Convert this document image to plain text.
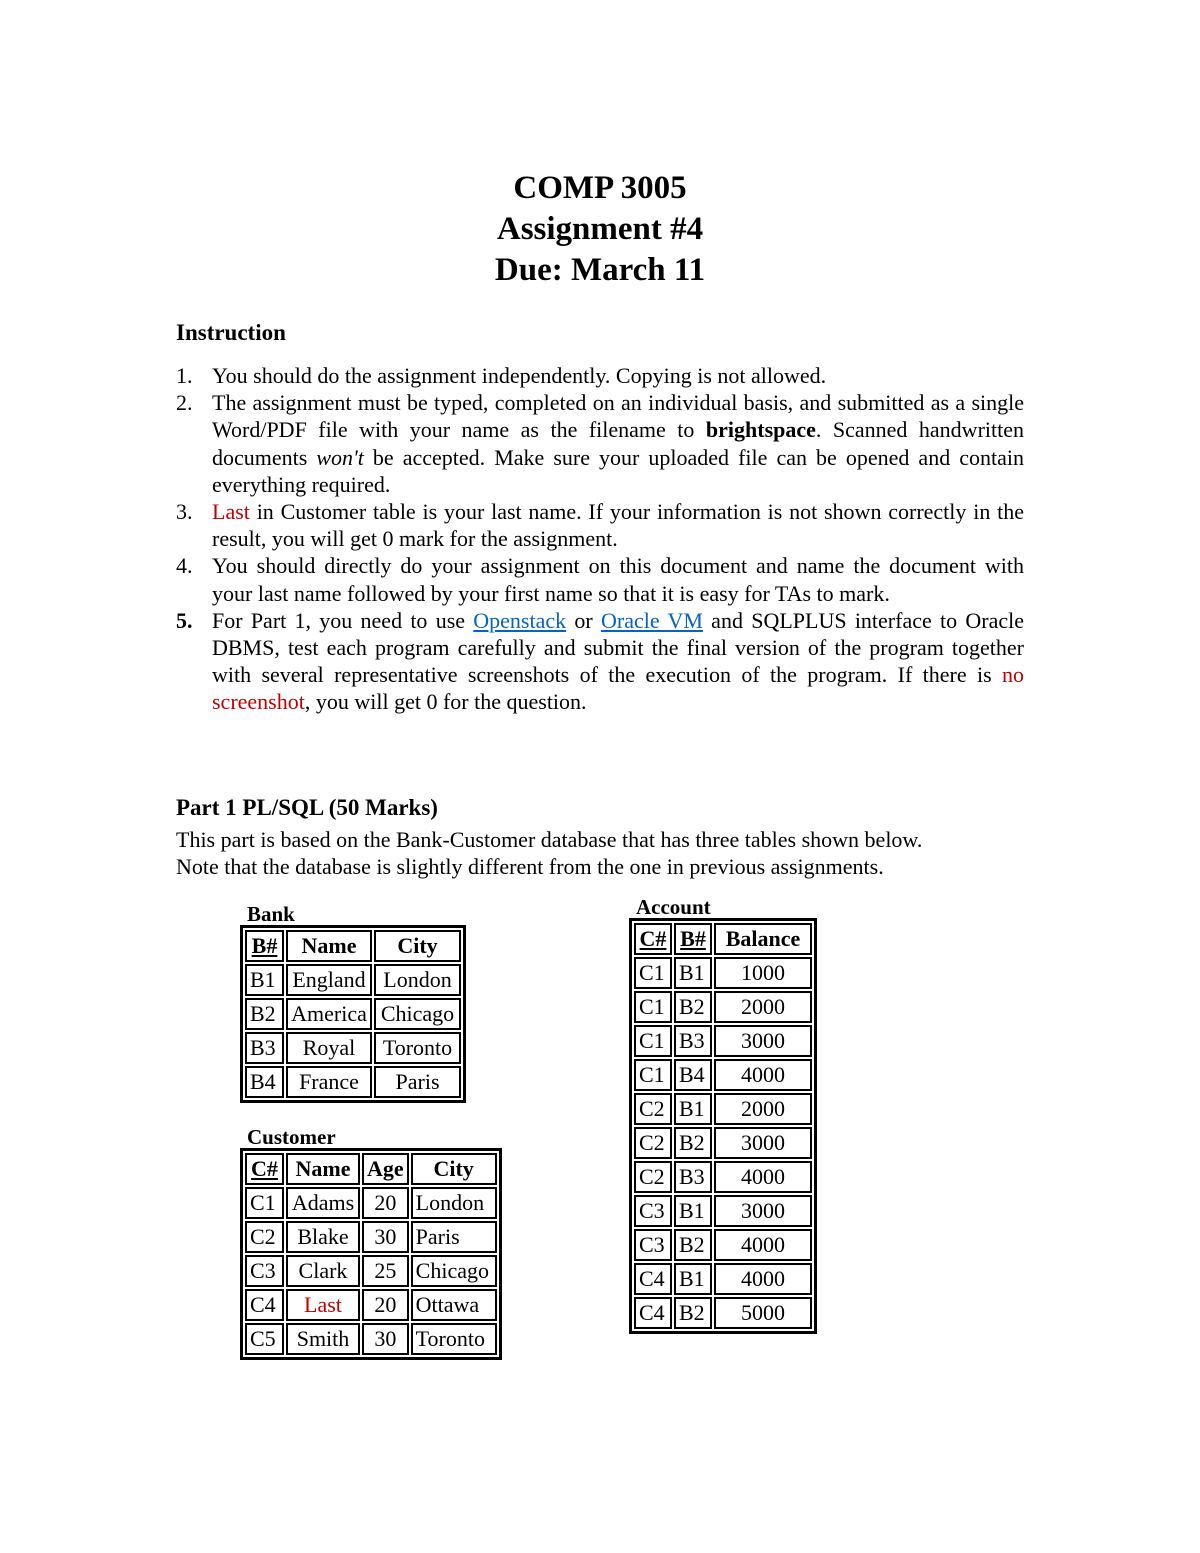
COMP 3005
Assignment #4
Due: March 11
Instruction
1. You should do the assignment independently. Copying is not allowed.
2. The assignment must be typed, completed on an individual basis, and submitted as a single Word/PDF file with your name as the filename to brightspace. Scanned handwritten documents won't be accepted. Make sure your uploaded file can be opened and contain everything required.
3. Last in Customer table is your last name. If your information is not shown correctly in the result, you will get 0 mark for the assignment.
4. You should directly do your assignment on this document and name the document with your last name followed by your first name so that it is easy for TAs to mark.
5. For Part 1, you need to use Openstack or Oracle VM and SQLPLUS interface to Oracle DBMS, test each program carefully and submit the final version of the program together with several representative screenshots of the execution of the program. If there is no screenshot, you will get 0 for the question.
Part 1 PL/SQL (50 Marks)
This part is based on the Bank-Customer database that has three tables shown below.
Note that the database is slightly different from the one in previous assignments.
Bank
B#	Name	City
B1	England	London
B2	America	Chicago
B3	Royal	Toronto
B4	France	Paris
Customer
C#	Name	Age	City
C1	Adams	20	London
C2	Blake	30	Paris
C3	Clark	25	Chicago
C4	Last	20	Ottawa
C5	Smith	30	Toronto
Account
C#	B#	Balance
C1	B1	1000
C1	B2	2000
C1	B3	3000
C1	B4	4000
C2	B1	2000
C2	B2	3000
C2	B3	4000
C3	B1	3000
C3	B2	4000
C4	B1	4000
C4	B2	5000
